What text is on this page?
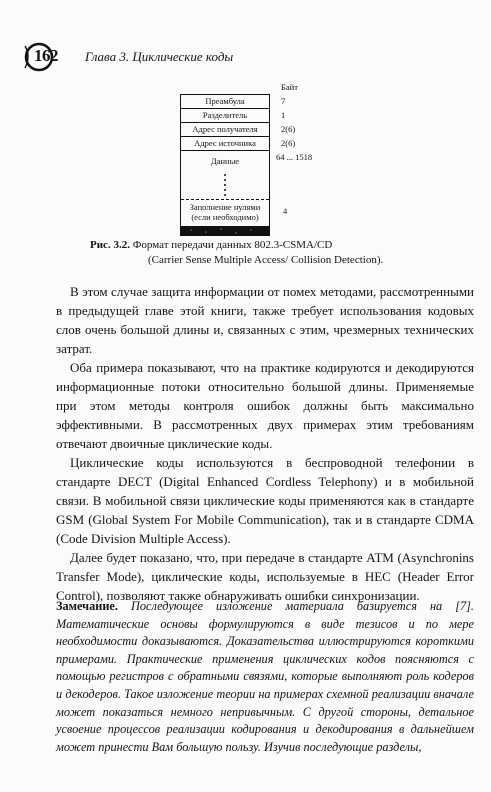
162 Глава 3. Циклические коды
Байт
Преамбула
Разделитель
Адрес получателя
Адрес источника
Данные
Заполнение нулями
(если необходимо)
7
1
2(6)
2(6)
64 ... 1518
4
Рис. 3.2. Формат передачи данных 802.3-CSMA/CD
(Carrier Sense Multiple Access/ Collision Detection).

В этом случае защита информации от помех методами, рассмотренными в предыдущей главе этой книги, также требует использования кодовых слов очень большой длины и, связанных с этим, чрезмерных технических затрат.

Оба примера показывают, что на практике кодируются и декодируются информационные потоки относительно большой длины. Применяемые при этом методы контроля ошибок должны быть максимально эффективными. В рассмотренных двух примерах этим требованиям отвечают двоичные циклические коды.

Циклические коды используются в беспроводной телефонии в стандарте DECT (Digital Enhanced Cordless Telephony) и в мобильной связи. В мобильной связи циклические коды применяются как в стандарте GSM (Global System For Mobile Communication), так и в стандарте CDMA (Code Division Multiple Access).

Далее будет показано, что, при передаче в стандарте АТМ (Asynchronins Transfer Mode), циклические коды, используемые в HEC (Header Error Control), позволяют также обнаруживать ошибки синхронизации.

Замечание. Последующее изложение материала базируется на [7]. Математические основы формулируются в виде тезисов и по мере необходимости доказываются. Доказательства иллюстрируются короткими примерами. Практические применения циклических кодов поясняются с помощью регистров с обратными связями, которые выполняют роль кодеров и декодеров. Такое изложение теории на примерах схемной реализации вначале может показаться немного непривычным. С другой стороны, детальное усвоение процессов реализации кодирования и декодирования в дальнейшем может принести Вам большую пользу. Изучив последующие разделы,
